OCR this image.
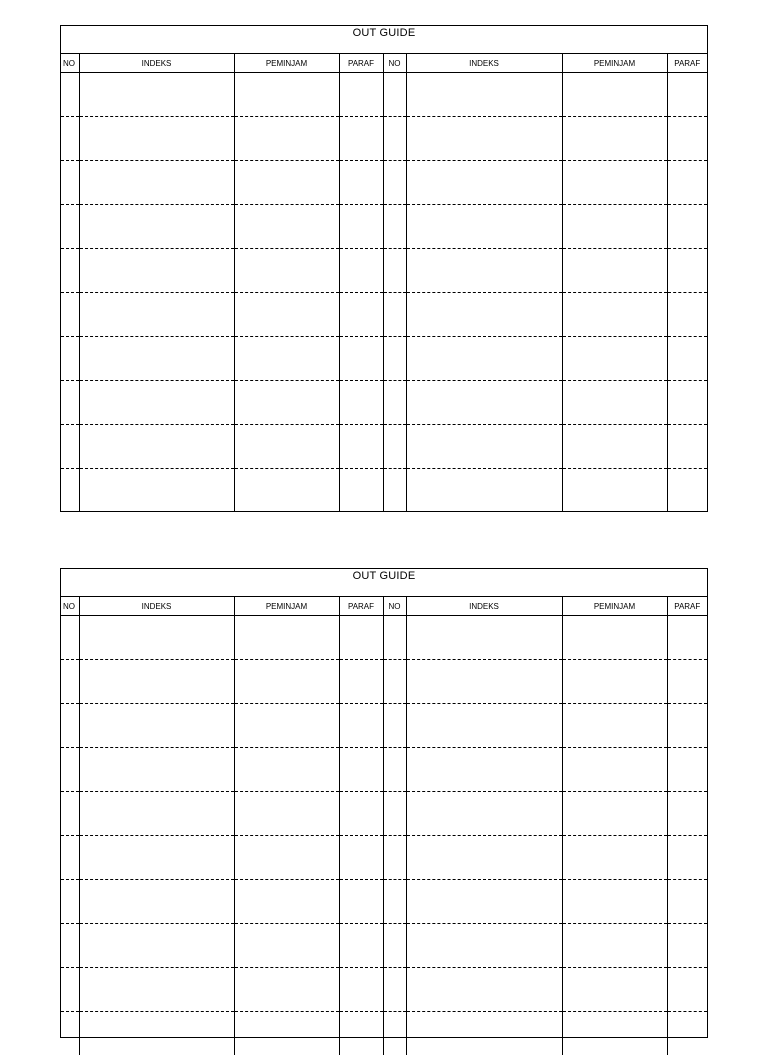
OUT GUIDE
NO	INDEKS	PEMINJAM	PARAF	NO	INDEKS	PEMINJAM	PARAF

OUT GUIDE
NO	INDEKS	PEMINJAM	PARAF	NO	INDEKS	PEMINJAM	PARAF
